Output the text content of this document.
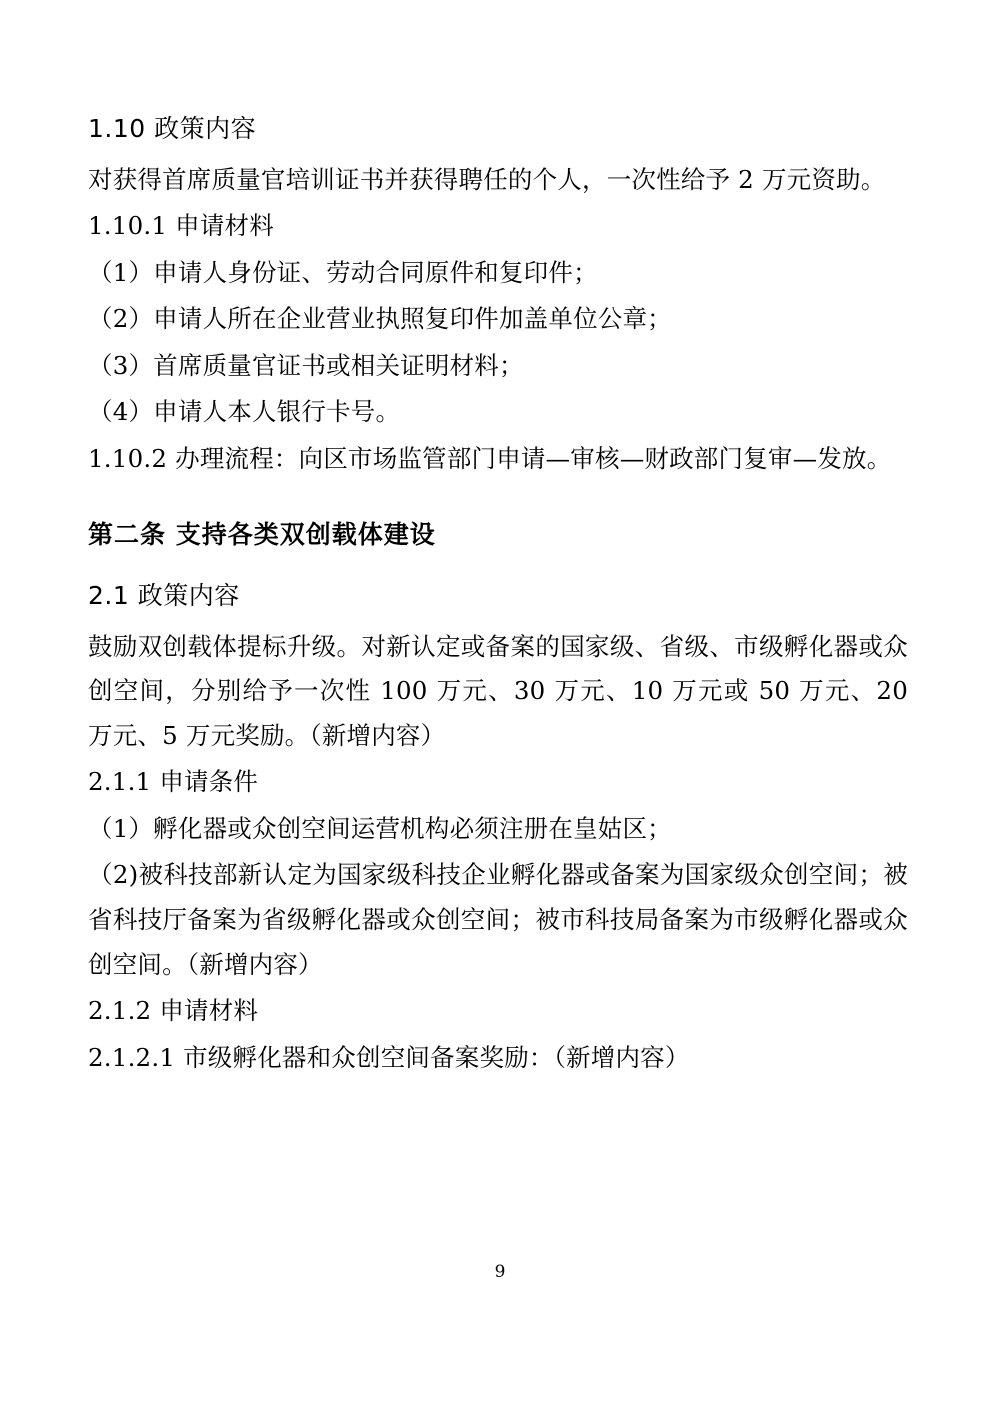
1.10 政策内容

对获得首席质量官培训证书并获得聘任的个人，一次性给予 2 万元资助。

1.10.1 申请材料

（1）申请人身份证、劳动合同原件和复印件；

（2）申请人所在企业营业执照复印件加盖单位公章；

（3）首席质量官证书或相关证明材料；

（4）申请人本人银行卡号。

1.10.2 办理流程：向区市场监管部门申请—审核—财政部门复审—发放。

第二条 支持各类双创载体建设
2.1 政策内容

鼓励双创载体提标升级。对新认定或备案的国家级、省级、市级孵化器或众创空间，分别给予一次性 100 万元、30 万元、10 万元或 50 万元、20 万元、5 万元奖励。（新增内容）

2.1.1 申请条件

（1）孵化器或众创空间运营机构必须注册在皇姑区；

（2)被科技部新认定为国家级科技企业孵化器或备案为国家级众创空间；被省科技厅备案为省级孵化器或众创空间；被市科技局备案为市级孵化器或众创空间。（新增内容）

2.1.2 申请材料

2.1.2.1 市级孵化器和众创空间备案奖励：（新增内容）

9
